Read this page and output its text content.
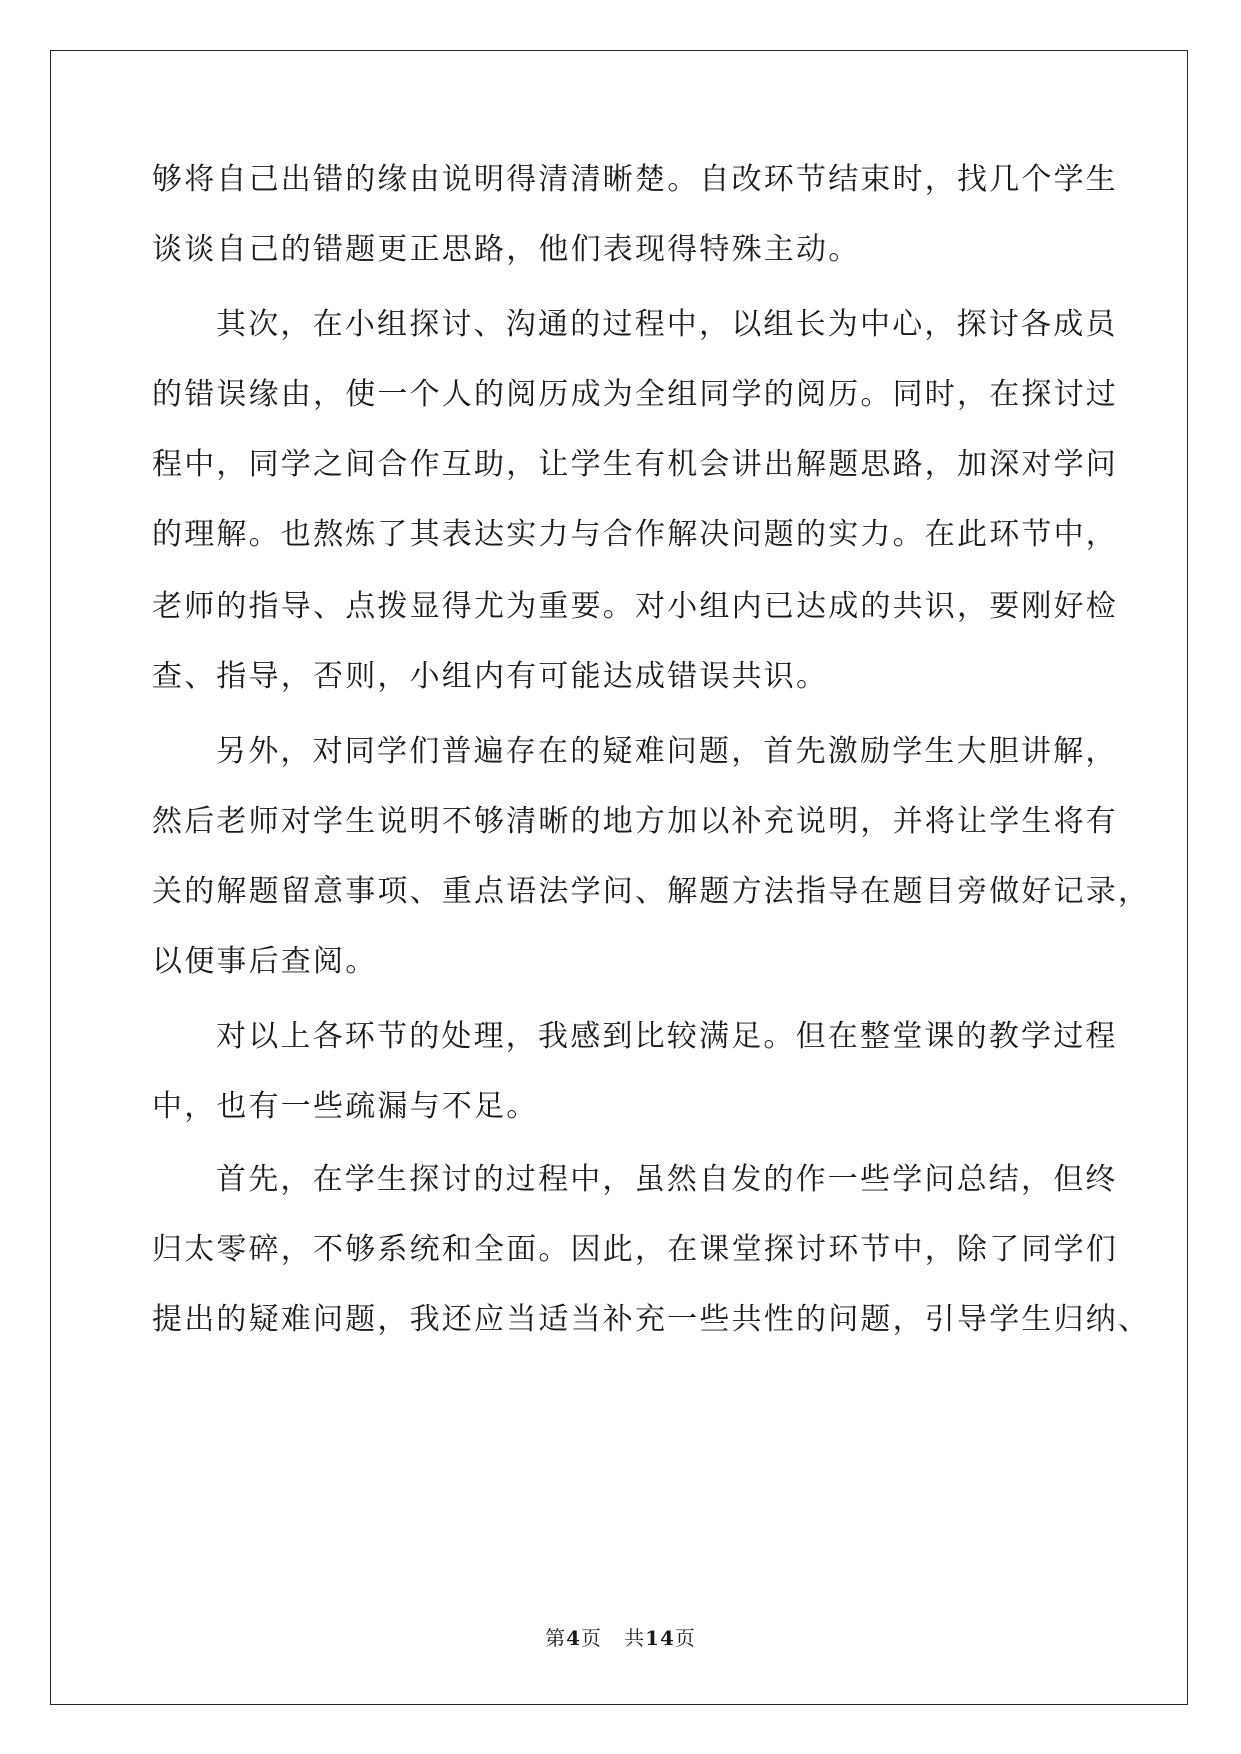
够将自己出错的缘由说明得清清晰楚。自改环节结束时，找几个学生
谈谈自己的错题更正思路，他们表现得特殊主动。
其次，在小组探讨、沟通的过程中，以组长为中心，探讨各成员
的错误缘由，使一个人的阅历成为全组同学的阅历。同时，在探讨过
程中，同学之间合作互助，让学生有机会讲出解题思路，加深对学问
的理解。也熬炼了其表达实力与合作解决问题的实力。在此环节中，
老师的指导、点拨显得尤为重要。对小组内已达成的共识，要刚好检
查、指导，否则，小组内有可能达成错误共识。
另外，对同学们普遍存在的疑难问题，首先激励学生大胆讲解，
然后老师对学生说明不够清晰的地方加以补充说明，并将让学生将有
关的解题留意事项、重点语法学问、解题方法指导在题目旁做好记录，
以便事后查阅。
对以上各环节的处理，我感到比较满足。但在整堂课的教学过程
中，也有一些疏漏与不足。
首先，在学生探讨的过程中，虽然自发的作一些学问总结，但终
归太零碎，不够系统和全面。因此，在课堂探讨环节中，除了同学们
提出的疑难问题，我还应当适当补充一些共性的问题，引导学生归纳、
第4页 共14页
